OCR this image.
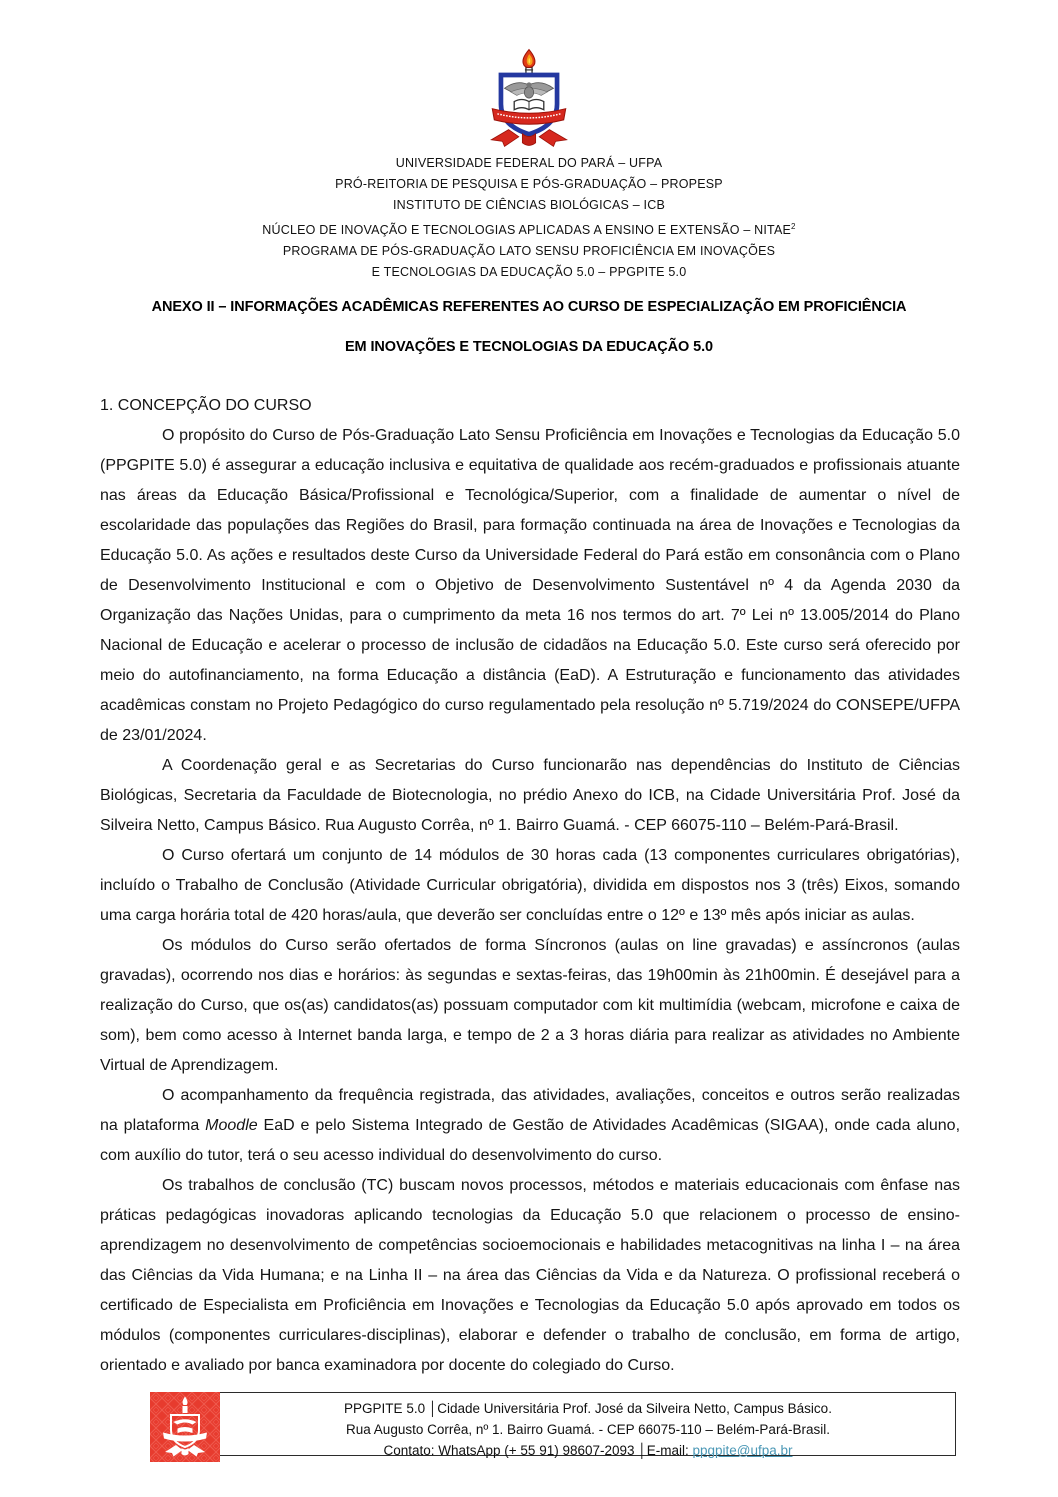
UNIVERSIDADE FEDERAL DO PARÁ – UFPA
PRÓ-REITORIA DE PESQUISA E PÓS-GRADUAÇÃO – PROPESP
INSTITUTO DE CIÊNCIAS BIOLÓGICAS – ICB
NÚCLEO DE INOVAÇÃO E TECNOLOGIAS APLICADAS A ENSINO E EXTENSÃO – NITAE$^2$
PROGRAMA DE PÓS-GRADUAÇÃO LATO SENSU PROFICIÊNCIA EM INOVAÇÕES
E TECNOLOGIAS DA EDUCAÇÃO 5.0 – PPGPITE 5.0
ANEXO II – INFORMAÇÕES ACADÊMICAS REFERENTES AO CURSO DE ESPECIALIZAÇÃO EM PROFICIÊNCIA
EM INOVAÇÕES E TECNOLOGIAS DA EDUCAÇÃO 5.0

1. CONCEPÇÃO DO CURSO

O propósito do Curso de Pós-Graduação Lato Sensu Proficiência em Inovações e Tecnologias da Educação 5.0 (PPGPITE 5.0) é assegurar a educação inclusiva e equitativa de qualidade aos recém-graduados e profissionais atuante nas áreas da Educação Básica/Profissional e Tecnológica/Superior, com a finalidade de aumentar o nível de escolaridade das populações das Regiões do Brasil, para formação continuada na área de Inovações e Tecnologias da Educação 5.0. As ações e resultados deste Curso da Universidade Federal do Pará estão em consonância com o Plano de Desenvolvimento Institucional e com o Objetivo de Desenvolvimento Sustentável nº 4 da Agenda 2030 da Organização das Nações Unidas, para o cumprimento da meta 16 nos termos do art. 7º Lei nº 13.005/2014 do Plano Nacional de Educação e acelerar o processo de inclusão de cidadãos na Educação 5.0. Este curso será oferecido por meio do autofinanciamento, na forma Educação a distância (EaD). A Estruturação e funcionamento das atividades acadêmicas constam no Projeto Pedagógico do curso regulamentado pela resolução nº 5.719/2024 do CONSEPE/UFPA de 23/01/2024.

A Coordenação geral e as Secretarias do Curso funcionarão nas dependências do Instituto de Ciências Biológicas, Secretaria da Faculdade de Biotecnologia, no prédio Anexo do ICB, na Cidade Universitária Prof. José da Silveira Netto, Campus Básico. Rua Augusto Corrêa, nº 1. Bairro Guamá. - CEP 66075-110 – Belém-Pará-Brasil.

O Curso ofertará um conjunto de 14 módulos de 30 horas cada (13 componentes curriculares obrigatórias), incluído o Trabalho de Conclusão (Atividade Curricular obrigatória), dividida em dispostos nos 3 (três) Eixos, somando uma carga horária total de 420 horas/aula, que deverão ser concluídas entre o 12º e 13º mês após iniciar as aulas.

Os módulos do Curso serão ofertados de forma Síncronos (aulas on line gravadas) e assíncronos (aulas gravadas), ocorrendo nos dias e horários: às segundas e sextas-feiras, das 19h00min às 21h00min. É desejável para a realização do Curso, que os(as) candidatos(as) possuam computador com kit multimídia (webcam, microfone e caixa de som), bem como acesso à Internet banda larga, e tempo de 2 a 3 horas diária para realizar as atividades no Ambiente Virtual de Aprendizagem.

O acompanhamento da frequência registrada, das atividades, avaliações, conceitos e outros serão realizadas na plataforma Moodle EaD e pelo Sistema Integrado de Gestão de Atividades Acadêmicas (SIGAA), onde cada aluno, com auxílio do tutor, terá o seu acesso individual do desenvolvimento do curso.

Os trabalhos de conclusão (TC) buscam novos processos, métodos e materiais educacionais com ênfase nas práticas pedagógicas inovadoras aplicando tecnologias da Educação 5.0 que relacionem o processo de ensino-aprendizagem no desenvolvimento de competências socioemocionais e habilidades metacognitivas na linha I – na área das Ciências da Vida Humana; e na Linha II – na área das Ciências da Vida e da Natureza. O profissional receberá o certificado de Especialista em Proficiência em Inovações e Tecnologias da Educação 5.0 após aprovado em todos os módulos (componentes curriculares-disciplinas), elaborar e defender o trabalho de conclusão, em forma de artigo, orientado e avaliado por banca examinadora por docente do colegiado do Curso.

PPGPITE 5.0 │Cidade Universitária Prof. José da Silveira Netto, Campus Básico.
Rua Augusto Corrêa, nº 1. Bairro Guamá. - CEP 66075-110 – Belém-Pará-Brasil.
Contato: WhatsApp (+ 55 91) 98607-2093 │E-mail: ppgpite@ufpa.br
